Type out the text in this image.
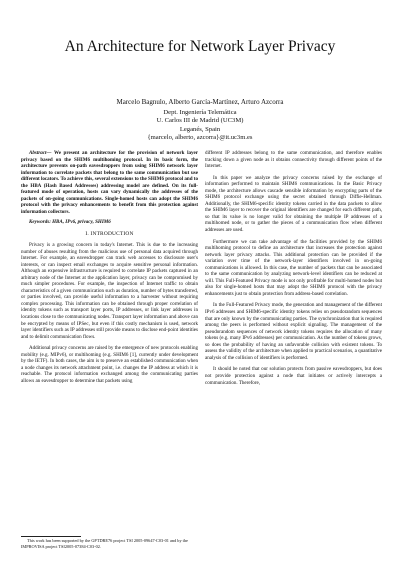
An Architecture for Network Layer Privacy
Marcelo Bagnulo, Alberto García-Martínez, Arturo Azcorra
Dept. Ingeniería Telemática
U. Carlos III de Madrid (UC3M)
Leganés, Spain
{marcelo, alberto, azcorra}@it.uc3m.es

Abstract— We present an architecture for the provision of network layer privacy based on the SHIM6 multihoming protocol. In its basic form, the architecture prevents on-path eavesdroppers from using SHIM6 network layer information to correlate packets that belong to the same communication but use different locators. To achieve this, several extensions to the SHIM6 protocol and to the HBA (Hash Based Addresses) addressing model are defined. On its full-featured mode of operation, hosts can vary dynamically the addresses of the packets of on-going communications. Single-homed hosts can adopt the SHIM6 protocol with the privacy enhancements to benefit from this protection against information collectors.

Keywords: HBA, IPv6, privacy, SHIM6

I. INTRODUCTION

Privacy is a growing concern in today's Internet. This is due to the increasing number of abuses resulting from the malicious use of personal data acquired through Internet. For example, an eavesdropper can track web accesses to disclosure user's interests, or can inspect email exchanges to acquire sensitive personal information. Although an expensive infrastructure is required to correlate IP packets captured in an arbitrary node of the Internet at the application layer, privacy can be compromised by much simpler procedures. For example, the inspection of Internet traffic to obtain characteristics of a given communication such as duration, number of bytes transferred, or parties involved, can provide useful information to a harvester without requiring complex processing. This information can be obtained through proper correlation of identity tokens such as transport layer ports, IP addresses, or link layer addresses in locations close to the communicating nodes. Transport layer information and above can be encrypted by means of IPSec, but even if this costly mechanism is used, network layer identifiers such as IP addresses still provide means to disclose end-point identities and to delimit communication flows.

Additional privacy concerns are raised by the emergence of new protocols enabling mobility (e.g. MIPv6), or multihoming (e.g. SHIM6 [1], currently under development by the IETF). In both cases, the aim is to preserve an established communication when a node changes its network attachment point, i.e. changes the IP address at which it is reachable. The protocol information exchanged among the communicating parties allows an eavesdropper to determine that packets using

different IP addresses belong to the same communication, and therefore enables tracking down a given node as it obtains connectivity through different points of the Internet.

In this paper we analyze the privacy concerns raised by the exchange of information performed to maintain SHIM6 communications. In the Basic Privacy mode, the architecture allows cascade sensible information by encrypting parts of the SHIM6 protocol exchange using the secret obtained through Diffie-Hellman. Additionally, the SHIM6-specific identity tokens carried in the data packets to allow the SHIM6 layer to recover the original identifiers are changed for each different path, so that its value is no longer valid for obtaining the multiple IP addresses of a multihomed node, or to gather the pieces of a communication flow when different addresses are used.

Furthermore we can take advantage of the facilities provided by the SHIM6 multihoming protocol to define an architecture that increases the protection against network layer privacy attacks. This additional protection can be provided if the variation over time of the network-layer identifiers involved in on-going communications is allowed. In this case, the number of packets that can be associated to the same communication by analyzing network-level identifiers can be reduced at will. This Full-Featured Privacy mode is not only profitable for multi-homed nodes but also for single-homed hosts that may adopt the SHIM6 protocol with the privacy enhancements just to obtain protection from address-based correlation.

In the Full-Featured Privacy mode, the generation and management of the different IPv6 addresses and SHIM6-specific identity tokens relies on pseudorandom sequences that are only known by the communicating parties. The synchronization that is required among the peers is performed without explicit signaling. The management of the pseudorandom sequences of network identity tokens requires the allocation of many tokens (e.g. many IPv6 addresses) per communication. As the number of tokens grows, so does the probability of having an unfavorable collision with existent tokens. To assess the validity of the architecture when applied to practical scenarios, a quantitative analysis of the collision of identifiers is performed.

It should be noted that our solution protects from passive eavesdroppers, but does not provide protection against a node that initiates or actively intercepts a communication. Therefore,

This work has been supported by the GPTDRE76 project TSI 2005-09647-C03-01 and by the IMPROVISA project TSI2005-07384-C03-02.
